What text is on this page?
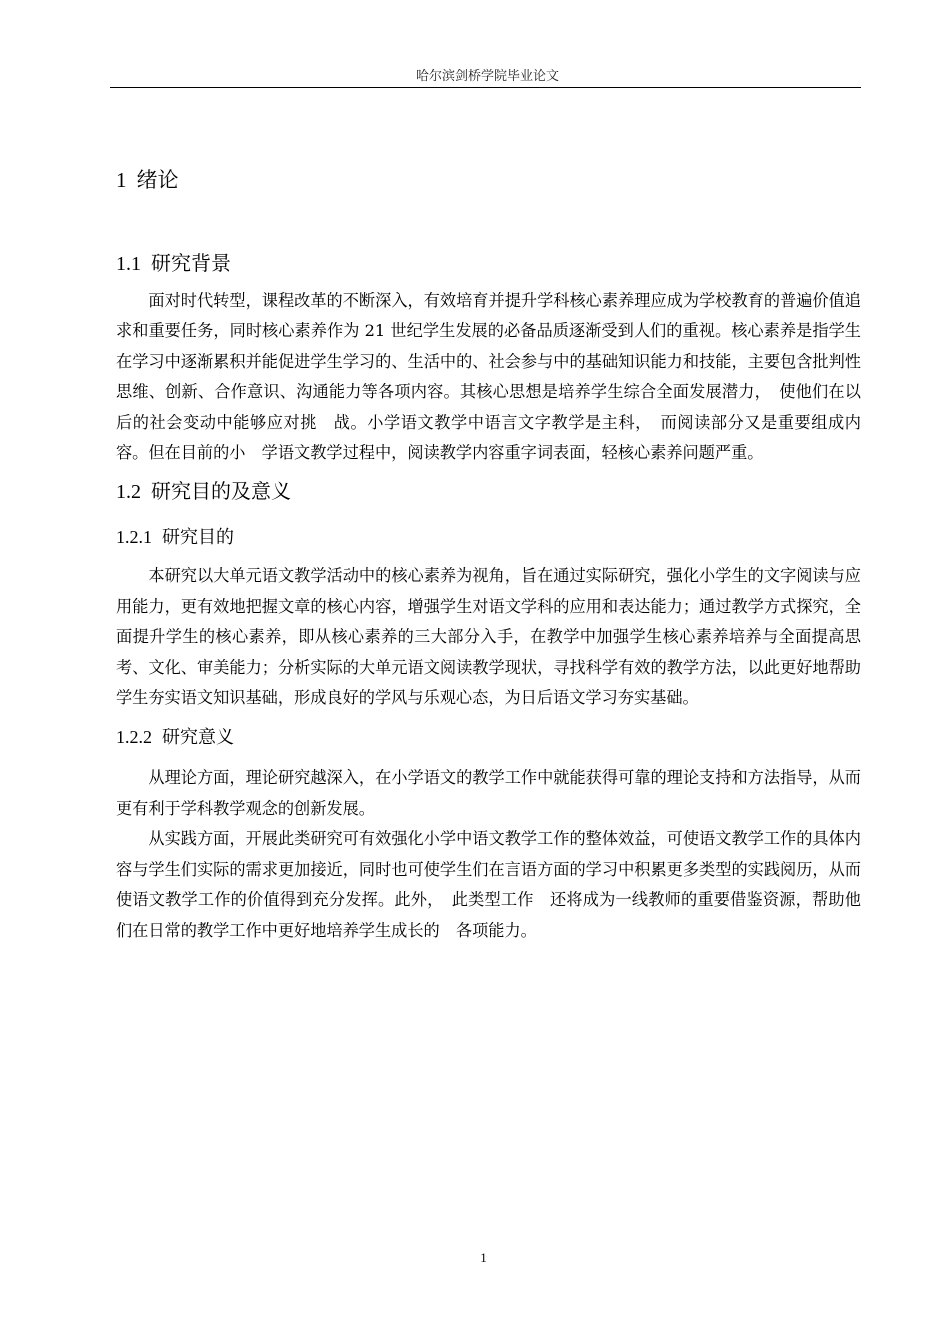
哈尔滨剑桥学院毕业论文
1 绪论
1.1 研究背景

面对时代转型，课程改革的不断深入，有效培育并提升学科核心素养理应成为学校教育的普遍价值追求和重要任务，同时核心素养作为 21 世纪学生发展的必备品质逐渐受到人们的重视。核心素养是指学生在学习中逐渐累积并能促进学生学习的、生活中的、社会参与中的基础知识能力和技能，主要包含批判性思维、创新、合作意识、沟通能力等各项内容。其核心思想是培养学生综合全面发展潜力，　使他们在以后的社会变动中能够应对挑　战。小学语文教学中语言文字教学是主科，　而阅读部分又是重要组成内容。但在目前的小　学语文教学过程中，阅读教学内容重字词表面，轻核心素养问题严重。

1.2 研究目的及意义
1.2.1 研究目的

本研究以大单元语文教学活动中的核心素养为视角，旨在通过实际研究，强化小学生的文字阅读与应用能力，更有效地把握文章的核心内容，增强学生对语文学科的应用和表达能力；通过教学方式探究，全面提升学生的核心素养，即从核心素养的三大部分入手，在教学中加强学生核心素养培养与全面提高思考、文化、审美能力；分析实际的大单元语文阅读教学现状，寻找科学有效的教学方法，以此更好地帮助学生夯实语文知识基础，形成良好的学风与乐观心态，为日后语文学习夯实基础。

1.2.2 研究意义

从理论方面，理论研究越深入，在小学语文的教学工作中就能获得可靠的理论支持和方法指导，从而更有利于学科教学观念的创新发展。

从实践方面，开展此类研究可有效强化小学中语文教学工作的整体效益，可使语文教学工作的具体内容与学生们实际的需求更加接近，同时也可使学生们在言语方面的学习中积累更多类型的实践阅历，从而使语文教学工作的价值得到充分发挥。此外，　此类型工作　还将成为一线教师的重要借鉴资源，帮助他们在日常的教学工作中更好地培养学生成长的　各项能力。

1
